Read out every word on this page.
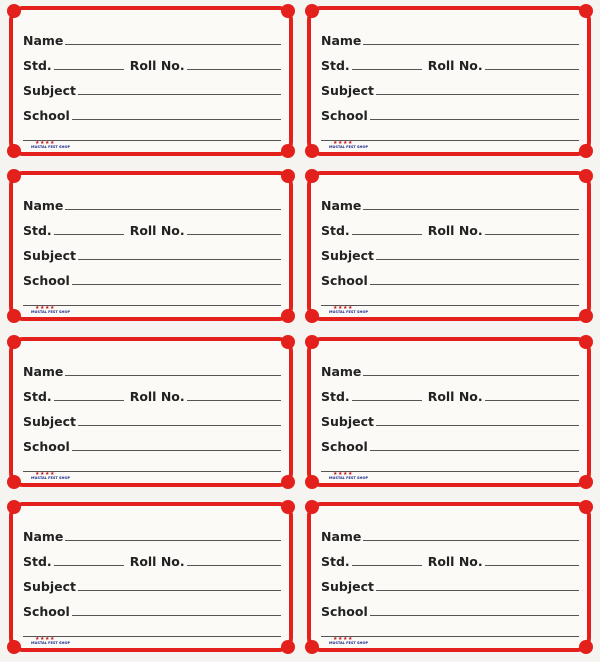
Name
Std.	Roll No.
Subject
School
★★★★
MUSTAL FEST SHOP
Name
Std.	Roll No.
Subject
School
★★★★
MUSTAL FEST SHOP
Name
Std.	Roll No.
Subject
School
★★★★
MUSTAL FEST SHOP
Name
Std.	Roll No.
Subject
School
★★★★
MUSTAL FEST SHOP
Name
Std.	Roll No.
Subject
School
★★★★
MUSTAL FEST SHOP
Name
Std.	Roll No.
Subject
School
★★★★
MUSTAL FEST SHOP
Name
Std.	Roll No.
Subject
School
★★★★
MUSTAL FEST SHOP
Name
Std.	Roll No.
Subject
School
★★★★
MUSTAL FEST SHOP
